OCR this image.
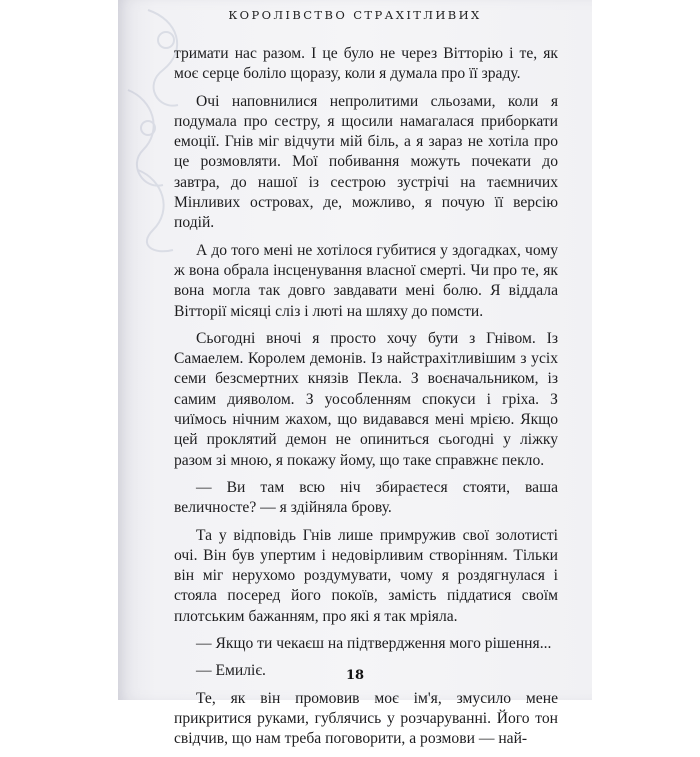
КОРОЛІВСТВО СТРАХІТЛИВИХ

тримати нас разом. І це було не через Вітторію і те, як моє серце боліло щоразу, коли я думала про її зраду.

Очі наповнилися непролитими сльозами, коли я подумала про сестру, я щосили намагалася приборкати емоції. Гнів міг відчути мій біль, а я зараз не хотіла про це розмовляти. Мої побивання можуть почекати до завтра, до нашої із сестрою зустрічі на таємничих Мінливих островах, де, можливо, я почую її версію подій.

А до того мені не хотілося губитися у здогадках, чому ж вона обрала інсценування власної смерті. Чи про те, як вона могла так довго завдавати мені болю. Я віддала Вітторії місяці сліз і люті на шляху до помсти.

Сьогодні вночі я просто хочу бути з Гнівом. Із Самаелем. Королем демонів. Із найстрахітливішим з усіх семи безсмертних князів Пекла. З воєначальником, із самим дияволом. З уособленням спокуси і гріха. З чиїмось нічним жахом, що видавався мені мрією. Якщо цей проклятий демон не опиниться сьогодні у ліжку разом зі мною, я покажу йому, що таке справжнє пекло.

— Ви там всю ніч збираєтеся стояти, ваша величносте? — я здійняла брову.

Та у відповідь Гнів лише примружив свої золотисті очі. Він був упертим і недовірливим створінням. Тільки він міг нерухомо роздумувати, чому я роздягнулася і стояла посеред його покоїв, замість піддатися своїм плотським бажанням, про які я так мріяла.

— Якщо ти чекаєш на підтвердження мого рішення...

— Емиліє.

Те, як він промовив моє ім'я, змусило мене прикритися руками, гублячись у розчаруванні. Його тон свідчив, що нам треба поговорити, а розмови — най-

18
